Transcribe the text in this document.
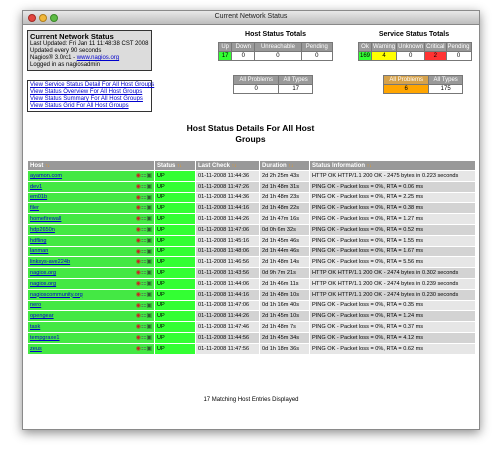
Current Network Status
Current Network Status
Last Updated: Fri Jan 11 11:48:38 CST 2008
Updated every 90 seconds
Nagios® 3.0rc1 - www.nagios.org
Logged in as nagiosadmin
View Service Status Detail For All Host Groups
View Status Overview For All Host Groups
View Status Summary For All Host Groups
View Status Grid For All Host Groups
Host Status Totals
Up	Down	Unreachable	Pending
17	0	0	0
All Problems	All Types
0	17
Service Status Totals
Ok	Warning	Unknown	Critical	Pending
169	4	0	2	0
All Problems	All Types
6	175
Host Status Details For All Host Groups
Host ↑↓	Status ↑↓	Last Check ↑↓	Duration ↑↓	Status Information ↑↓
ayamon.com ◉⚏▣	UP	01-11-2008 11:44:36	2d 2h 25m 43s	HTTP OK HTTP/1.1 200 OK - 2475 bytes in 0.223 seconds
dev1 ◉⚏▣	UP	01-11-2008 11:47:26	2d 1h 48m 31s	PING OK - Packet loss = 0%, RTA = 0.06 ms
em01b ◉⚏▣	UP	01-11-2008 11:44:36	2d 1h 48m 23s	PING OK - Packet loss = 0%, RTA = 2.25 ms
filer ◉⚏▣	UP	01-11-2008 11:44:16	2d 1h 48m 22s	PING OK - Packet loss = 0%, RTA = 0.38 ms
homefirewall ◉⚏▣	UP	01-11-2008 11:44:26	2d 1h 47m 16s	PING OK - Packet loss = 0%, RTA = 1.27 ms
hdp2650n ◉⚏▣	UP	01-11-2008 11:47:06	0d 0h 6m 32s	PING OK - Packet loss = 0%, RTA = 0.52 ms
hdfling ◉⚏▣	UP	01-11-2008 11:45:16	2d 1h 45m 46s	PING OK - Packet loss = 0%, RTA = 1.55 ms
lanman ◉⚏▣	UP	01-11-2008 11:48:06	2d 1h 44m 46s	PING OK - Packet loss = 0%, RTA = 1.67 ms
linksys-ave224b ◉⚏▣	UP	01-11-2008 11:46:56	2d 1h 48m 14s	PING OK - Packet loss = 0%, RTA = 5.56 ms
nagios.org ◉⚏▣	UP	01-11-2008 11:43:56	0d 9h 7m 21s	HTTP OK HTTP/1.1 200 OK - 2474 bytes in 0.302 seconds
nagios.org ◉⚏▣	UP	01-11-2008 11:44:06	2d 1h 46m 11s	HTTP OK HTTP/1.1 200 OK - 2474 bytes in 0.239 seconds
nagioscommunity.org ◉⚏▣	UP	01-11-2008 11:44:16	2d 1h 48m 10s	HTTP OK HTTP/1.1 200 OK - 2474 bytes in 0.230 seconds
nero ◉⚏▣	UP	01-11-2008 11:47:06	0d 1h 16m 40s	PING OK - Packet loss = 0%, RTA = 0.35 ms
opengear ◉⚏▣	UP	01-11-2008 11:44:26	2d 1h 45m 10s	PING OK - Packet loss = 0%, RTA = 1.24 ms
task ◉⚏▣	UP	01-11-2008 11:47:46	2d 1h 48m 7s	PING OK - Packet loss = 0%, RTA = 0.37 ms
tempgraxe1 ◉⚏▣	UP	01-11-2008 11:44:56	2d 1h 45m 34s	PING OK - Packet loss = 0%, RTA = 4.12 ms
zeus ◉⚏▣	UP	01-11-2008 11:47:56	0d 1h 18m 36s	PING OK - Packet loss = 0%, RTA = 0.62 ms
17 Matching Host Entries Displayed
